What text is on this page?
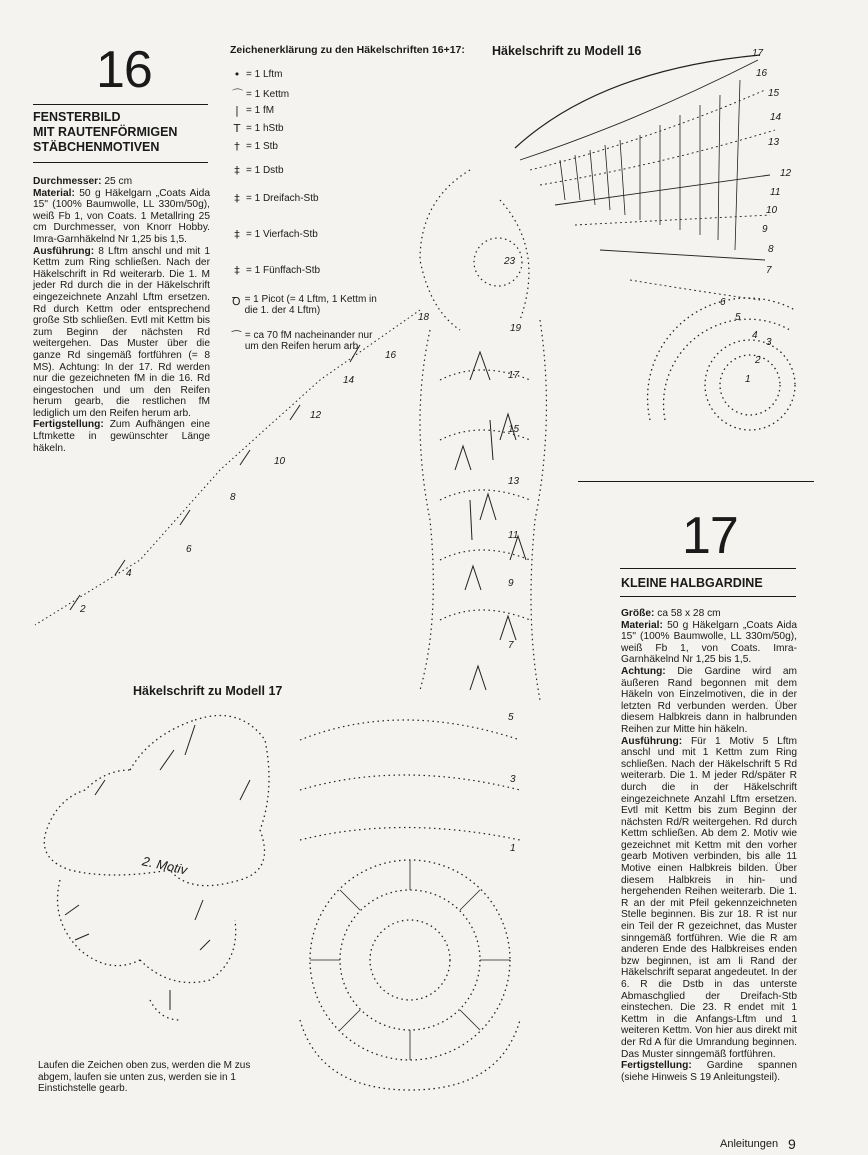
16
FENSTERBILD
MIT RAUTENFÖRMIGEN
STÄBCHENMOTIVEN

Durchmesser: 25 cm

Material: 50 g Häkelgarn „Coats Aida 15" (100% Baumwolle, LL 330m/50g), weiß Fb 1, von Coats. 1 Metallring 25 cm Durchmesser, von Knorr Hobby. Imra-Garnhäkelnd Nr 1,25 bis 1,5.

Ausführung: 8 Lftm anschl und mit 1 Kettm zum Ring schließen. Nach der Häkelschrift in Rd weiterarb. Die 1. M jeder Rd durch die in der Häkelschrift eingezeichnete Anzahl Lftm ersetzen. Rd durch Kettm oder entsprechend große Stb schließen. Evtl mit Kettm bis zum Beginn der nächsten Rd weitergehen. Das Muster über die ganze Rd singemäß fortführen (= 8 MS). Achtung: In der 17. Rd werden nur die gezeichneten fM in die 16. Rd eingestochen und um den Reifen herum gearb, die restlichen fM lediglich um den Reifen herum arb.

Fertigstellung: Zum Aufhängen eine Lftmkette in gewünschter Länge häkeln.

Zeichenerklärung zu den Häkelschriften 16+17:
• = 1 Lftm
⌒ = 1 Kettm
| = 1 fM
T = 1 hStb
† = 1 Stb
‡ = 1 Dstb
‡ = 1 Dreifach-Stb
‡ = 1 Vierfach-Stb
‡ = 1 Fünffach-Stb
Ꝺ = 1 Picot (= 4 Lftm, 1 Kettm in die 1. der 4 Lftm)
⁀ = ca 70 fM nacheinander nur um den Reifen herum arb
Häkelschrift zu Modell 16
Häkelschrift zu Modell 17
17
16
15
14
13
12
11
10
9
8
7
6
5
4
3
2
1
23
19
18
17
15
13
11
9
7
5
3
1
16
14
12
10
8
6
4
2
2. Motiv
Laufen die Zeichen oben zus, werden die M zus abgem, laufen sie unten zus, werden sie in 1 Einstichstelle gearb.
17
KLEINE HALBGARDINE

Größe: ca 58 x 28 cm

Material: 50 g Häkelgarn „Coats Aida 15" (100% Baumwolle, LL 330m/50g), weiß Fb 1, von Coats. Imra-Garnhäkelnd Nr 1,25 bis 1,5.

Achtung: Die Gardine wird am äußeren Rand begonnen mit dem Häkeln von Einzelmotiven, die in der letzten Rd verbunden werden. Über diesem Halbkreis dann in halbrunden Reihen zur Mitte hin häkeln.

Ausführung: Für 1 Motiv 5 Lftm anschl und mit 1 Kettm zum Ring schließen. Nach der Häkelschrift 5 Rd weiterarb. Die 1. M jeder Rd/später R durch die in der Häkelschrift eingezeichnete Anzahl Lftm ersetzen. Evtl mit Kettm bis zum Beginn der nächsten Rd/R weitergehen. Rd durch Kettm schließen. Ab dem 2. Motiv wie gezeichnet mit Kettm mit den vorher gearb Motiven verbinden, bis alle 11 Motive einen Halbkreis bilden. Über diesem Halbkreis in hin- und hergehenden Reihen weiterarb. Die 1. R an der mit Pfeil gekennzeichneten Stelle beginnen. Bis zur 18. R ist nur ein Teil der R gezeichnet, das Muster sinngemäß fortführen. Wie die R am anderen Ende des Halbkreises enden bzw beginnen, ist am li Rand der Häkelschrift separat angedeutet. In der 6. R die Dstb in das unterste Abmaschglied der Dreifach-Stb einstechen. Die 23. R endet mit 1 Kettm in die Anfangs-Lftm und 1 weiteren Kettm. Von hier aus direkt mit der Rd A für die Umrandung beginnen. Das Muster sinngemäß fortführen.

Fertigstellung: Gardine spannen (siehe Hinweis S 19 Anleitungsteil).

Anleitungen 9
